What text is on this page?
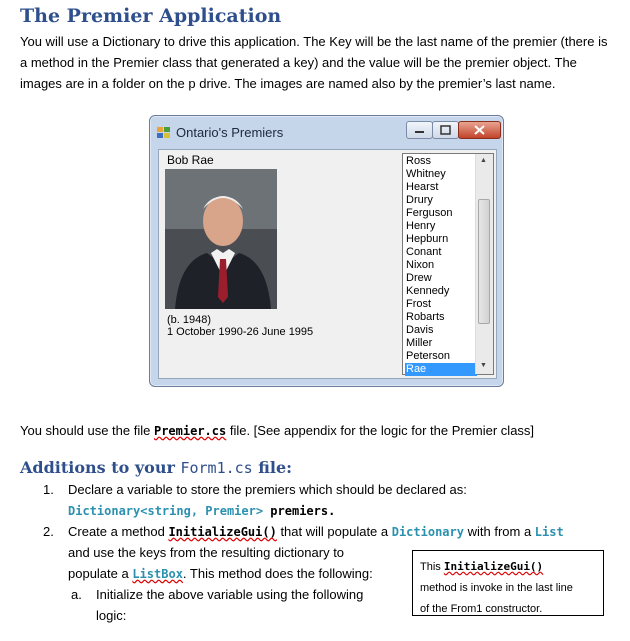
The Premier Application
You will use a Dictionary to drive this application. The Key will be the last name of the premier (there is a method in the Premier class that generated a key) and the value will be the premier object. The images are in a folder on the p drive. The images are named also by the premier’s last name.
Ontario's Premiers
Bob Rae
(b. 1948)
1 October 1990-26 June 1995
Ross
Whitney
Hearst
Drury
Ferguson
Henry
Hepburn
Conant
Nixon
Drew
Kennedy
Frost
Robarts
Davis
Miller
Peterson
Rae
▲
▼
You should use the file Premier.cs file. [See appendix for the logic for the Premier class]
Additions to your Form1.cs file:
1. Declare a variable to store the premiers which should be declared as:
Dictionary<string, Premier> premiers.
2. Create a method InitializeGui() that will populate a Dictionary with from a List
and use the keys from the resulting dictionary to
populate a ListBox. This method does the following:
a. Initialize the above variable using the following
logic:
This InitializeGui()
method is invoke in the last line
of the From1 constructor.
